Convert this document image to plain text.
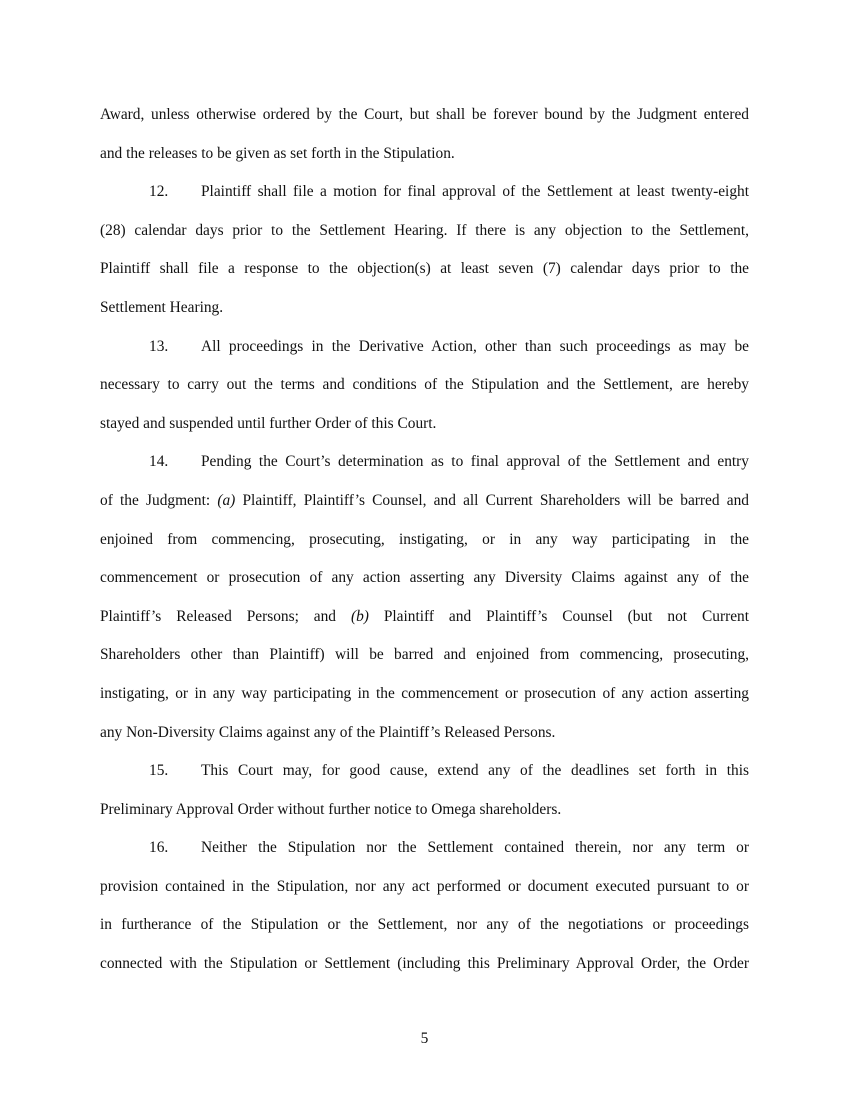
Award, unless otherwise ordered by the Court, but shall be forever bound by the Judgment entered
and the releases to be given as set forth in the Stipulation.
12. Plaintiff shall file a motion for final approval of the Settlement at least twenty-eight
(28) calendar days prior to the Settlement Hearing. If there is any objection to the Settlement,
Plaintiff shall file a response to the objection(s) at least seven (7) calendar days prior to the
Settlement Hearing.
13. All proceedings in the Derivative Action, other than such proceedings as may be
necessary to carry out the terms and conditions of the Stipulation and the Settlement, are hereby
stayed and suspended until further Order of this Court.
14. Pending the Court’s determination as to final approval of the Settlement and entry
of the Judgment: (a) Plaintiff, Plaintiff’s Counsel, and all Current Shareholders will be barred and
enjoined from commencing, prosecuting, instigating, or in any way participating in the
commencement or prosecution of any action asserting any Diversity Claims against any of the
Plaintiff’s Released Persons; and (b) Plaintiff and Plaintiff’s Counsel (but not Current
Shareholders other than Plaintiff) will be barred and enjoined from commencing, prosecuting,
instigating, or in any way participating in the commencement or prosecution of any action asserting
any Non-Diversity Claims against any of the Plaintiff’s Released Persons.
15. This Court may, for good cause, extend any of the deadlines set forth in this
Preliminary Approval Order without further notice to Omega shareholders.
16. Neither the Stipulation nor the Settlement contained therein, nor any term or
provision contained in the Stipulation, nor any act performed or document executed pursuant to or
in furtherance of the Stipulation or the Settlement, nor any of the negotiations or proceedings
connected with the Stipulation or Settlement (including this Preliminary Approval Order, the Order
5
